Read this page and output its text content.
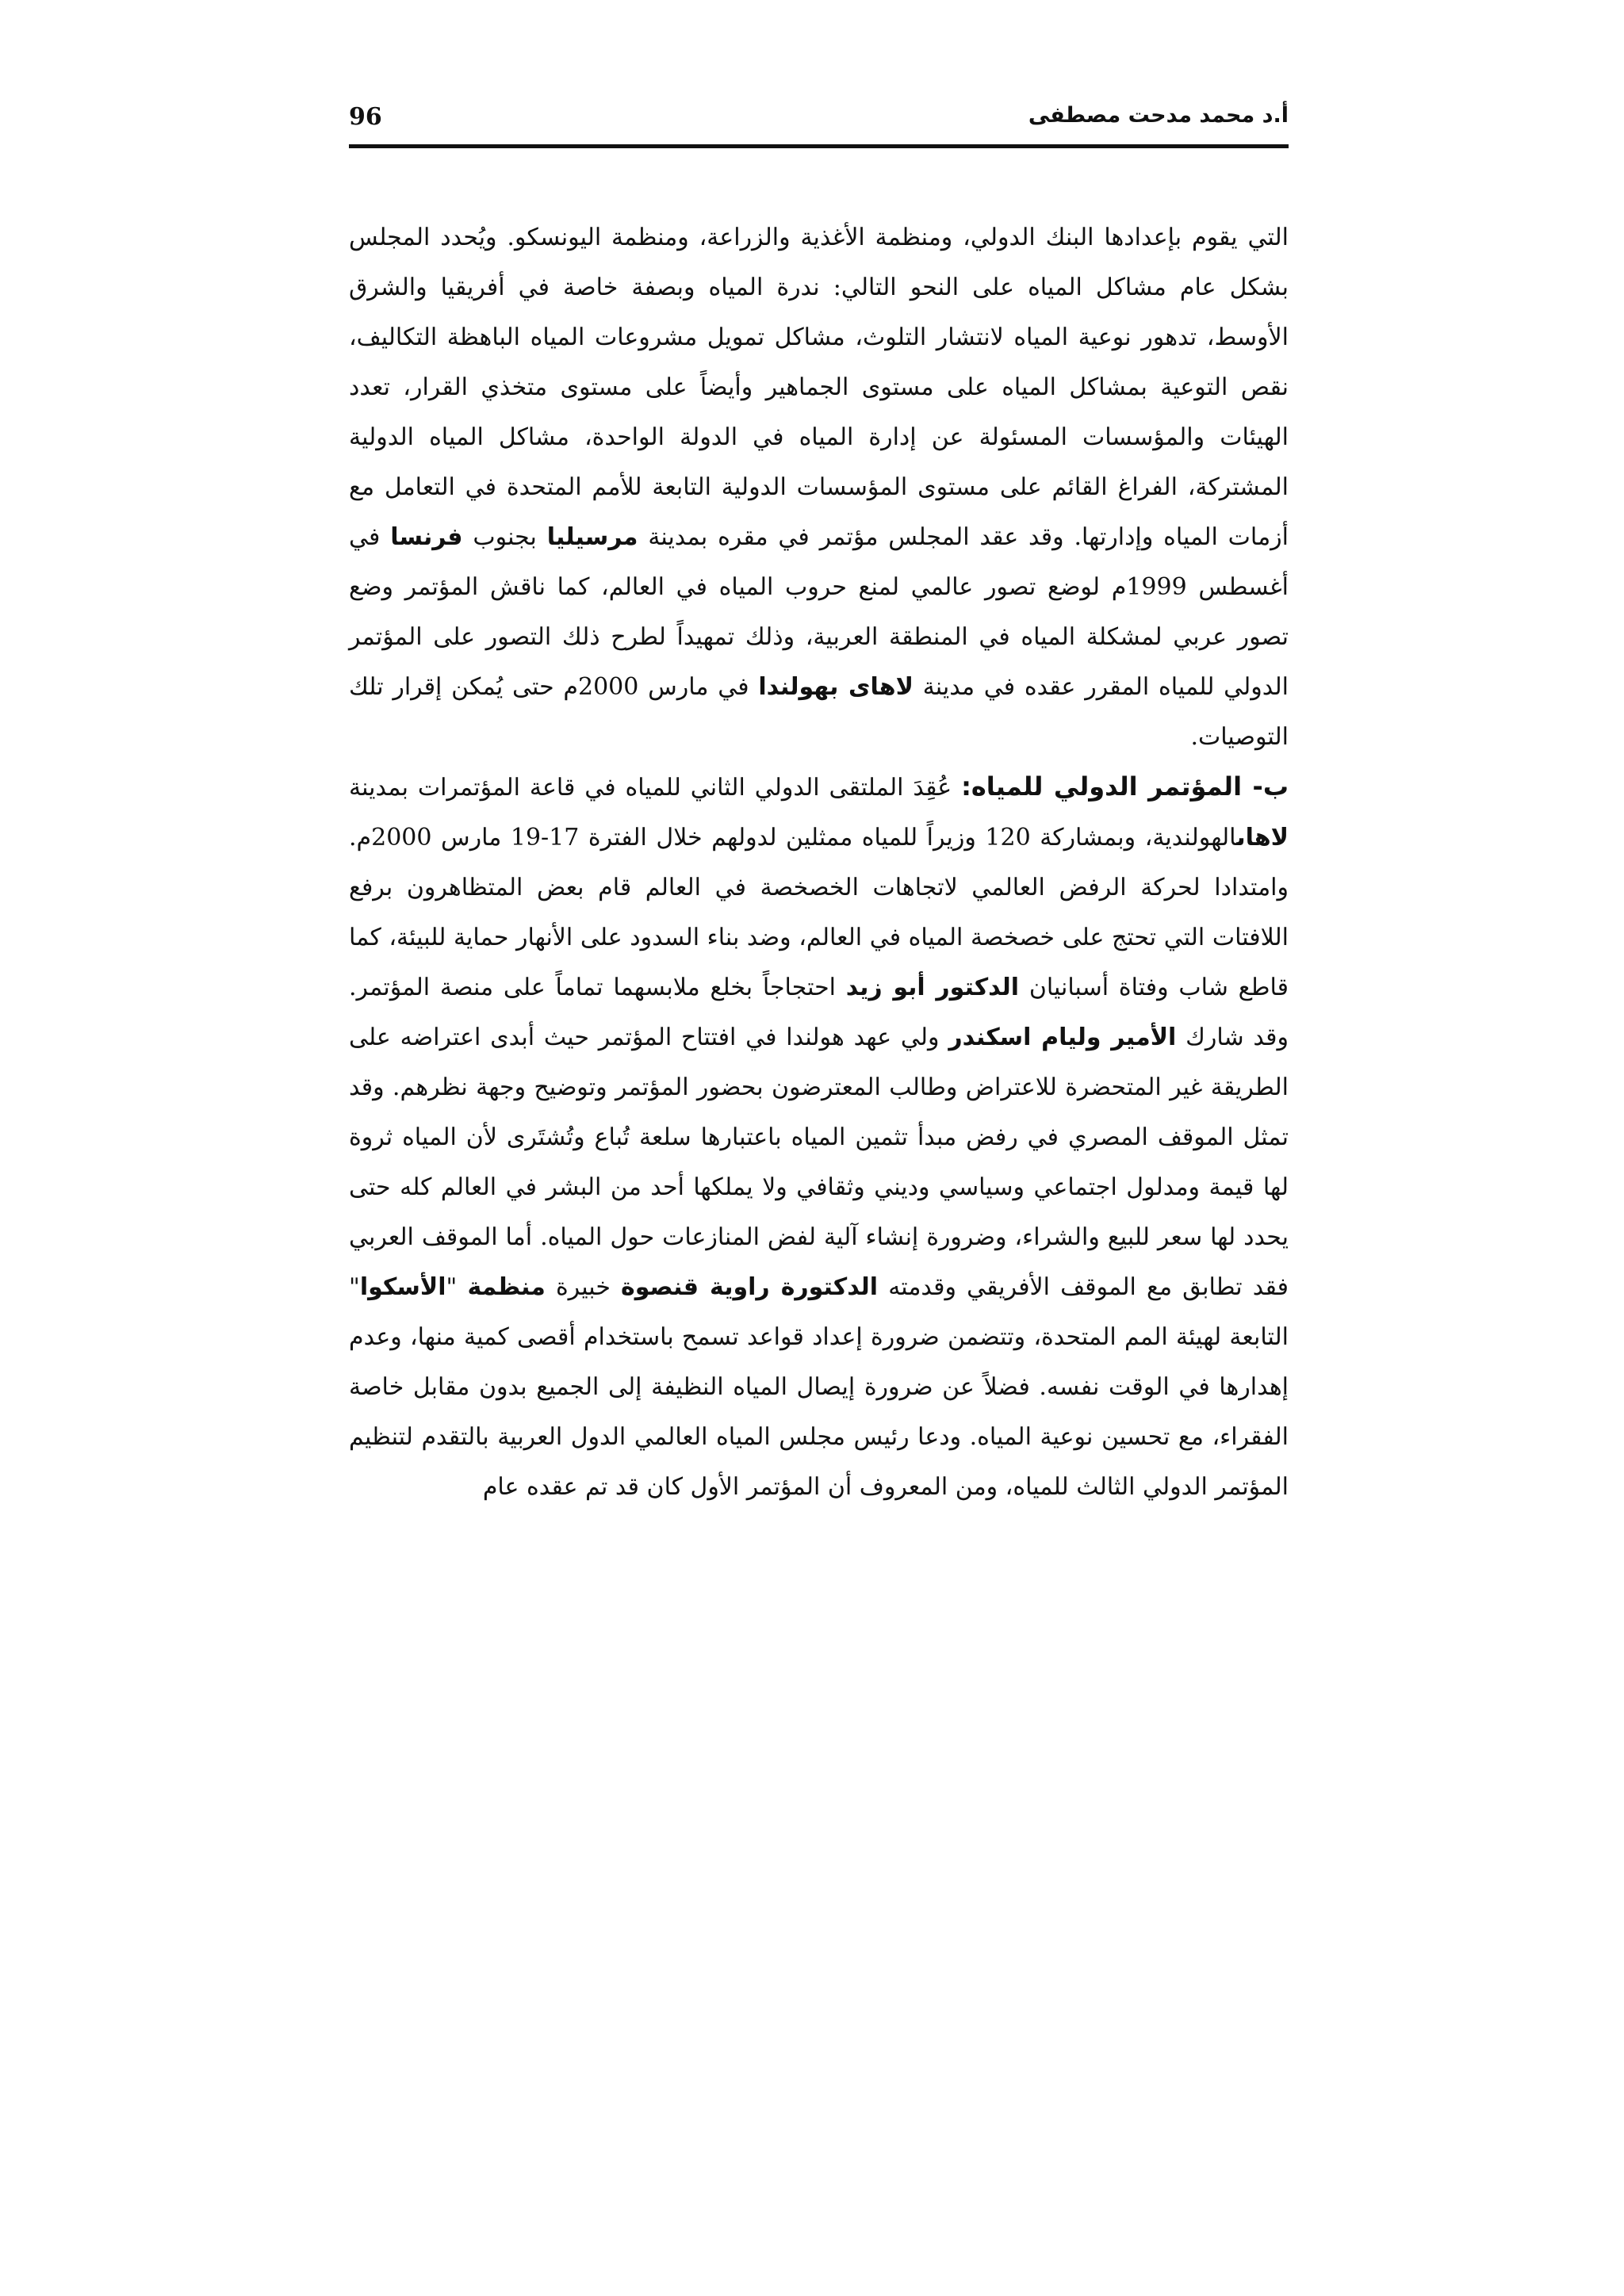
96	أ.د محمد مدحت مصطفى

التي يقوم بإعدادها البنك الدولي، ومنظمة الأغذية والزراعة، ومنظمة اليونسكو. ويُحدد المجلس بشكل عام مشاكل المياه على النحو التالي: ندرة المياه وبصفة خاصة في أفريقيا والشرق الأوسط، تدهور نوعية المياه لانتشار التلوث، مشاكل تمويل مشروعات المياه الباهظة التكاليف، نقص التوعية بمشاكل المياه على مستوى الجماهير وأيضاً على مستوى متخذي القرار، تعدد الهيئات والمؤسسات المسئولة عن إدارة المياه في الدولة الواحدة، مشاكل المياه الدولية المشتركة، الفراغ القائم على مستوى المؤسسات الدولية التابعة للأمم المتحدة في التعامل مع أزمات المياه وإدارتها. وقد عقد المجلس مؤتمر في مقره بمدينة مرسيليا بجنوب فرنسا في أغسطس 1999م لوضع تصور عالمي لمنع حروب المياه في العالم، كما ناقش المؤتمر وضع تصور عربي لمشكلة المياه في المنطقة العربية، وذلك تمهيداً لطرح ذلك التصور على المؤتمر الدولي للمياه المقرر عقده في مدينة لاهاى بهولندا في مارس 2000م حتى يُمكن إقرار تلك التوصيات.

ب- المؤتمر الدولي للمياه: عُقِدَ الملتقى الدولي الثاني للمياه في قاعة المؤتمرات بمدينة لاهاىالهولندية، وبمشاركة 120 وزيراً للمياه ممثلين لدولهم خلال الفترة 17-19 مارس 2000م. وامتدادا لحركة الرفض العالمي لاتجاهات الخصخصة في العالم قام بعض المتظاهرون برفع اللافتات التي تحتج على خصخصة المياه في العالم، وضد بناء السدود على الأنهار حماية للبيئة، كما قاطع شاب وفتاة أسبانيان الدكتور أبو زيد احتجاجاً بخلع ملابسهما تماماً على منصة المؤتمر. وقد شارك الأمير وليام اسكندر ولي عهد هولندا في افتتاح المؤتمر حيث أبدى اعتراضه على الطريقة غير المتحضرة للاعتراض وطالب المعترضون بحضور المؤتمر وتوضيح وجهة نظرهم. وقد تمثل الموقف المصري في رفض مبدأ تثمين المياه باعتبارها سلعة تُباع وتُشتَرى لأن المياه ثروة لها قيمة ومدلول اجتماعي وسياسي وديني وثقافي ولا يملكها أحد من البشر في العالم كله حتى يحدد لها سعر للبيع والشراء، وضرورة إنشاء آلية لفض المنازعات حول المياه. أما الموقف العربي فقد تطابق مع الموقف الأفريقي وقدمته الدكتورة راوية قنصوة خبيرة منظمة "الأسكوا" التابعة لهيئة المم المتحدة، وتتضمن ضرورة إعداد قواعد تسمح باستخدام أقصى كمية منها، وعدم إهدارها في الوقت نفسه. فضلاً عن ضرورة إيصال المياه النظيفة إلى الجميع بدون مقابل خاصة الفقراء، مع تحسين نوعية المياه. ودعا رئيس مجلس المياه العالمي الدول العربية بالتقدم لتنظيم المؤتمر الدولي الثالث للمياه، ومن المعروف أن المؤتمر الأول كان قد تم عقده عام
